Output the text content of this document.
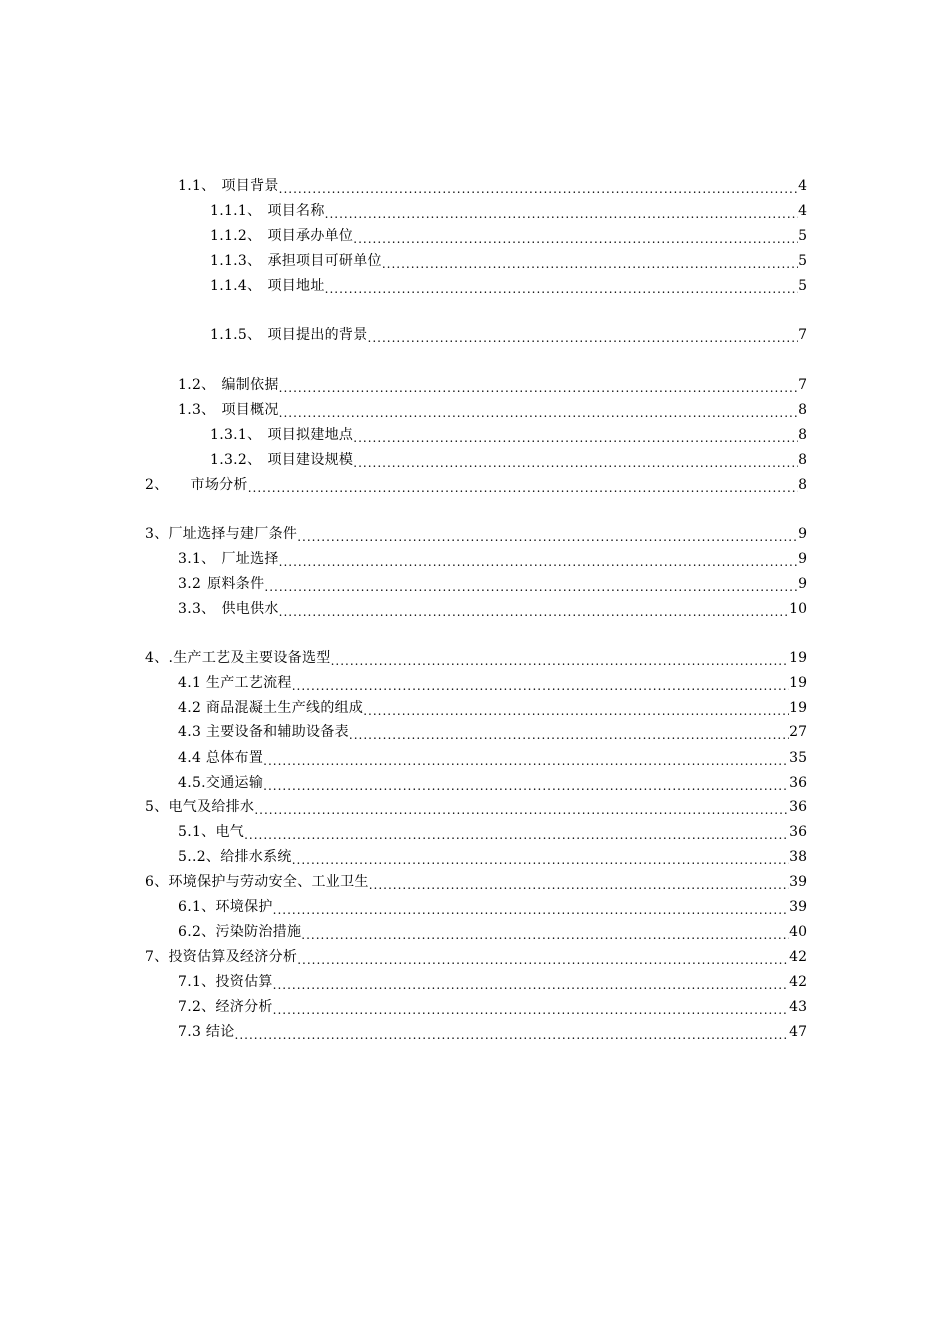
1.1、 项目背景 .....	4
1.1.1、 项目名称 .....	4
1.1.2、 项目承办单位 .....	5
1.1.3、 承担项目可研单位 .....	5
1.1.4、 项目地址 .....	5
1.1.5、 项目提出的背景 .....	7
1.2、 编制依据 .....	7
1.3、 项目概况 .....	8
1.3.1、 项目拟建地点 .....	8
1.3.2、 项目建设规模 .....	8
2、 市场分析 .....	8
3、厂址选择与建厂条件 .....	9
3.1、 厂址选择 .....	9
3.2 原料条件 .....	9
3.3、 供电供水 .....	10
4、.生产工艺及主要设备选型 .....	19
4.1 生产工艺流程 .....	19
4.2 商品混凝土生产线的组成 .....	19
4.3 主要设备和辅助设备表 .....	27
4.4 总体布置 .....	35
4.5.交通运输 .....	36
5、电气及给排水 .....	36
5.1、电气 .....	36
5..2、给排水系统 .....	38
6、环境保护与劳动安全、工业卫生 .....	39
6.1、环境保护 .....	39
6.2、污染防治措施 .....	40
7、投资估算及经济分析 .....	42
7.1、投资估算 .....	42
7.2、经济分析 .....	43
7.3 结论 .....	47
